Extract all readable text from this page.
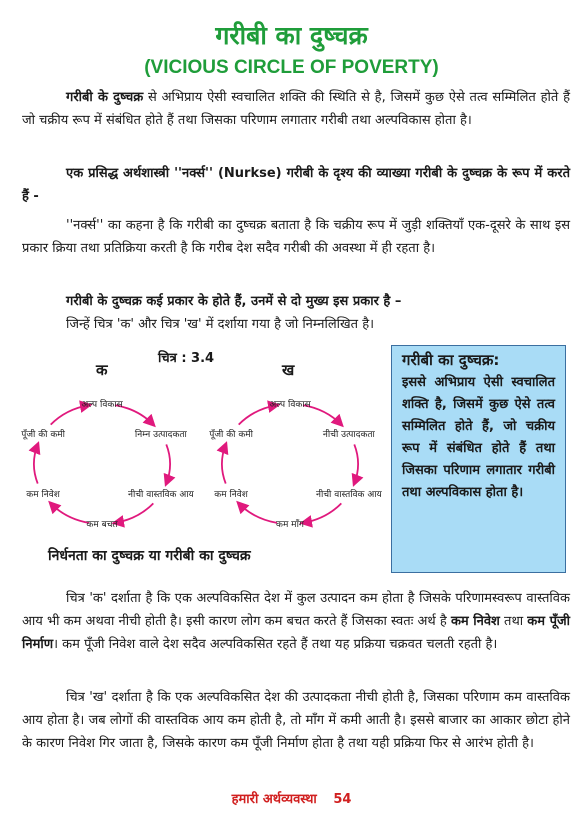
गरीबी का दुष्चक्र
(VICIOUS CIRCLE OF POVERTY)
गरीबी के दुष्चक्र से अभिप्राय ऐसी स्वचालित शक्ति की स्थिति से है, जिसमें कुछ ऐसे तत्व सम्मिलित होते हैं जो चक्रीय रूप में संबंधित होते हैं तथा जिसका परिणाम लगातार गरीबी तथा अल्पविकास होता है।
एक प्रसिद्ध अर्थशास्त्री ''नर्क्स'' (Nurkse) गरीबी के दृश्य की व्याख्या गरीबी के दुष्चक्र के रूप में करते हैं -
''नर्क्स'' का कहना है कि गरीबी का दुष्चक्र बताता है कि चक्रीय रूप में जुड़ी शक्तियाँ एक-दूसरे के साथ इस प्रकार क्रिया तथा प्रतिक्रिया करती है कि गरीब देश सदैव गरीबी की अवस्था में ही रहता है।
गरीबी के दुष्चक्र कई प्रकार के होते हैं, उनमें से दो मुख्य इस प्रकार है –
जिन्हें चित्र 'क' और चित्र 'ख' में दर्शाया गया है जो निम्नलिखित है।
चित्र : 3.4
क	ख
अल्प विकास
निम्न उत्पादकता
नीची वास्तविक आय
कम बचत
कम निवेश
पूँजी की कमी
अल्प विकास
नीची उत्पादकता
नीची वास्तविक आय
कम माँग
कम निवेश
पूँजी की कमी
निर्धनता का दुष्चक्र या गरीबी का दुष्चक्र
गरीबी का दुष्चक्र:
इससे अभिप्राय ऐसी स्वचालित शक्ति है, जिसमें कुछ ऐसे तत्व सम्मिलित होते हैं, जो चक्रीय रूप में संबंधित होते हैं तथा जिसका परिणाम लगातार गरीबी तथा अल्पविकास होता है।
चित्र 'क' दर्शाता है कि एक अल्पविकसित देश में कुल उत्पादन कम होता है जिसके परिणामस्वरूप वास्तविक आय भी कम अथवा नीची होती है। इसी कारण लोग कम बचत करते हैं जिसका स्वतः अर्थ है कम निवेश तथा कम पूँजी निर्माण। कम पूँजी निवेश वाले देश सदैव अल्पविकसित रहते हैं तथा यह प्रक्रिया चक्रवत चलती रहती है।
चित्र 'ख' दर्शाता है कि एक अल्पविकसित देश की उत्पादकता नीची होती है, जिसका परिणाम कम वास्तविक आय होता है। जब लोगों की वास्तविक आय कम होती है, तो माँग में कमी आती है। इससे बाजार का आकार छोटा होने के कारण निवेश गिर जाता है, जिसके कारण कम पूँजी निर्माण होता है तथा यही प्रक्रिया फिर से आरंभ होती है।
हमारी अर्थव्यवस्था 54
